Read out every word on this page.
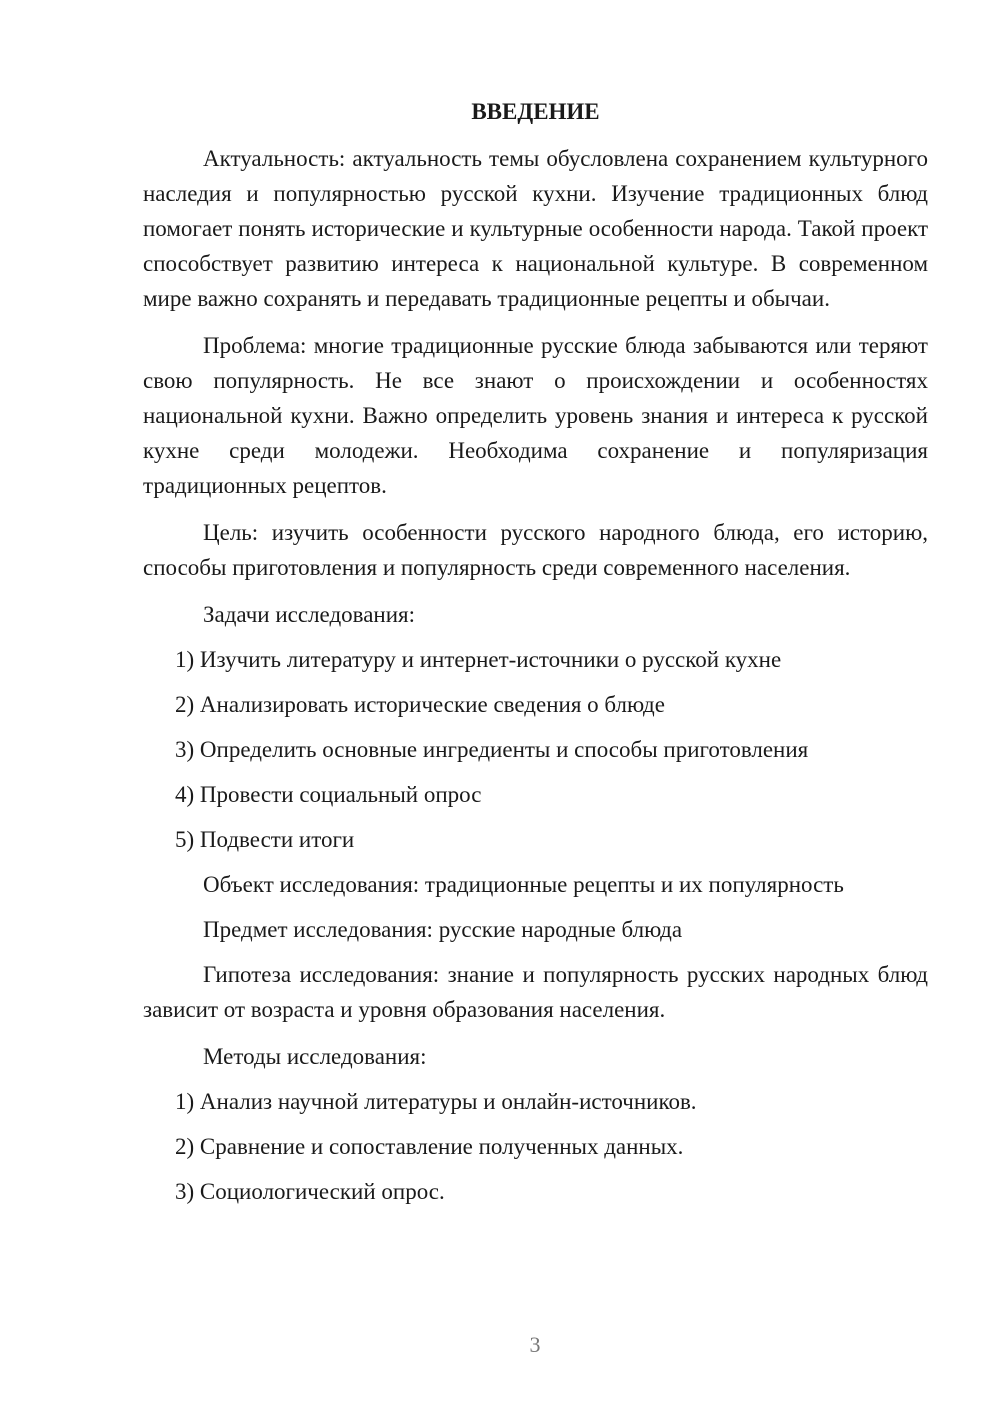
ВВЕДЕНИЕ
Актуальность: актуальность темы обусловлена сохранением культурного наследия и популярностью русской кухни. Изучение традиционных блюд помогает понять исторические и культурные особенности народа. Такой проект способствует развитию интереса к национальной культуре. В современном мире важно сохранять и передавать традиционные рецепты и обычаи.
Проблема: многие традиционные русские блюда забываются или теряют свою популярность. Не все знают о происхождении и особенностях национальной кухни. Важно определить уровень знания и интереса к русской кухне среди молодежи. Необходима сохранение и популяризация традиционных рецептов.
Цель: изучить особенности русского народного блюда, его историю, способы приготовления и популярность среди современного населения.
Задачи исследования:
1) Изучить литературу и интернет-источники о русской кухне
2) Анализировать исторические сведения о блюде
3) Определить основные ингредиенты и способы приготовления
4) Провести социальный опрос
5) Подвести итоги
Объект исследования: традиционные рецепты и их популярность
Предмет исследования: русские народные блюда
Гипотеза исследования: знание и популярность русских народных блюд зависит от возраста и уровня образования населения.
Методы исследования:
1) Анализ научной литературы и онлайн-источников.
2) Сравнение и сопоставление полученных данных.
3) Социологический опрос.
3
